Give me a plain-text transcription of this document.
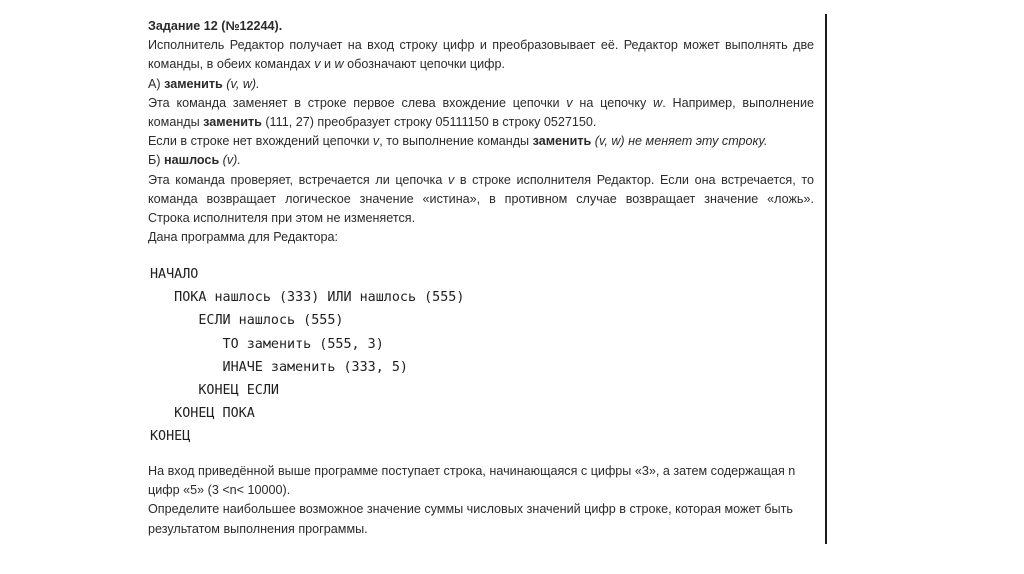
Задание 12 (№12244).
Исполнитель Редактор получает на вход строку цифр и преобразовывает её. Редактор может выполнять две
команды, в обеих командах v и w обозначают цепочки цифр.
А) заменить (v, w).
Эта команда заменяет в строке первое слева вхождение цепочки v на цепочку w. Например, выполнение
команды заменить (111, 27) преобразует строку 05111150 в строку 0527150.
Если в строке нет вхождений цепочки v, то выполнение команды заменить (v, w) не меняет эту строку.
Б) нашлось (v).
Эта команда проверяет, встречается ли цепочка v в строке исполнителя Редактор. Если она встречается, то
команда возвращает логическое значение «истина», в противном случае возвращает значение «ложь».
Строка исполнителя при этом не изменяется.
Дана программа для Редактора:
НАЧАЛО
ПОКА нашлось (333) ИЛИ нашлось (555)
ЕСЛИ нашлось (555)
ТО заменить (555, 3)
ИНАЧЕ заменить (333, 5)
КОНЕЦ ЕСЛИ
КОНЕЦ ПОКА
КОНЕЦ
На вход приведённой выше программе поступает строка, начинающаяся с цифры «3», а затем содержащая n
цифр «5» (3 <n< 10000).
Определите наибольшее возможное значение суммы числовых значений цифр в строке, которая может быть
результатом выполнения программы.
